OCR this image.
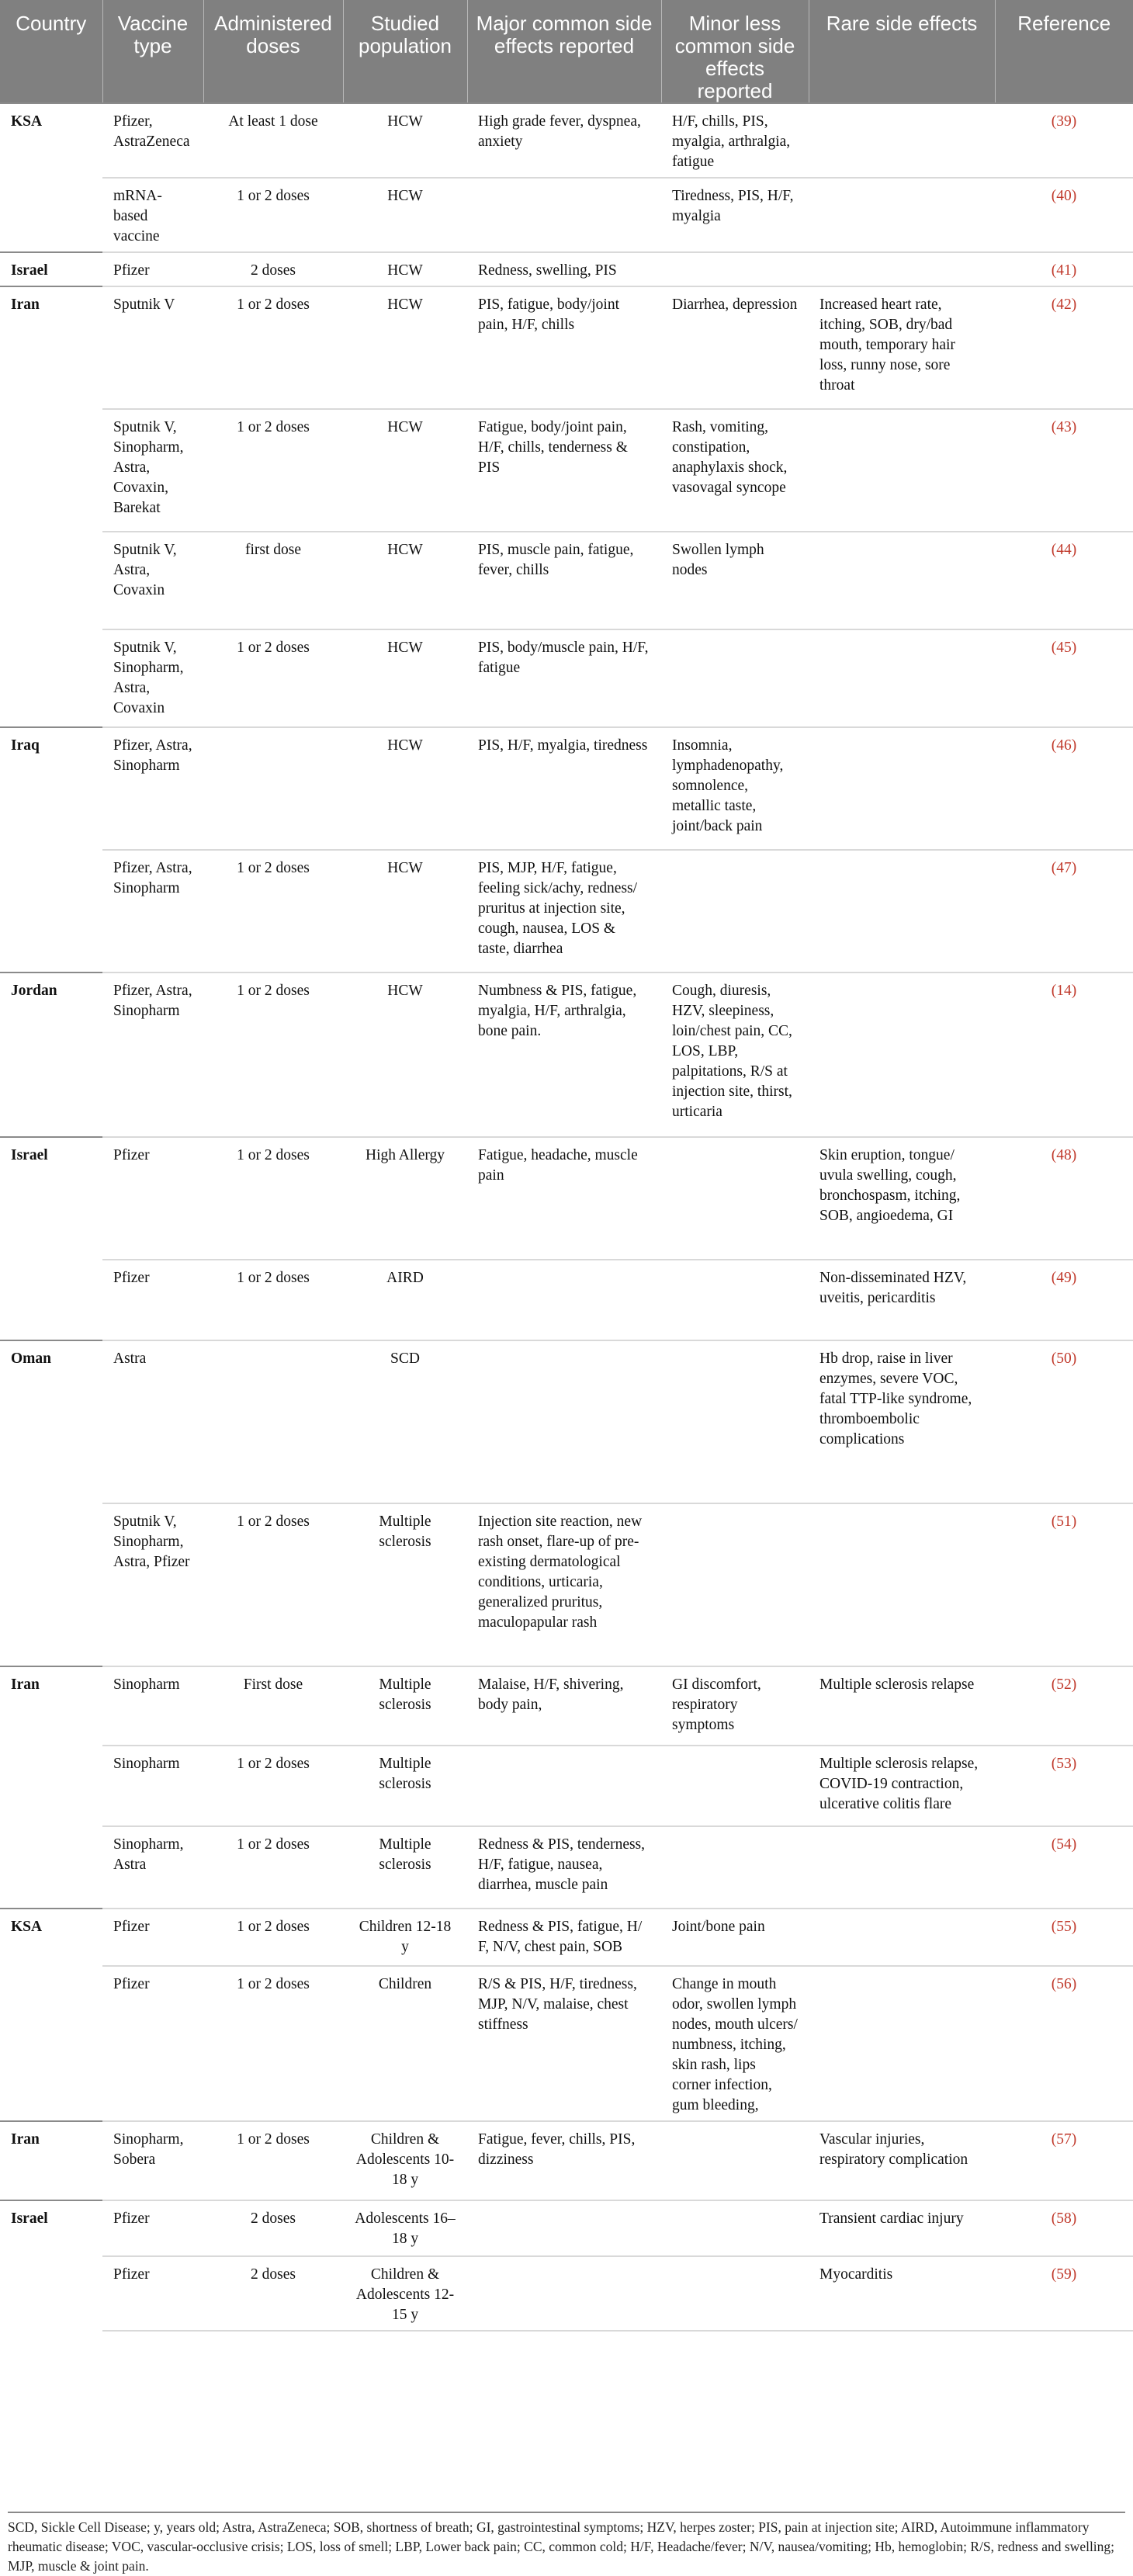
Country	Vaccine type	Administered doses	Studied population	Major common side effects reported	Minor less common side effects reported	Rare side effects	Reference
KSA	Pfizer, AstraZeneca	At least 1 dose	HCW	High grade fever, dyspnea, anxiety	H/F, chills, PIS, myalgia, arthralgia, fatigue		(39)
	mRNA-based vaccine	1 or 2 doses	HCW		Tiredness, PIS, H/F, myalgia		(40)
Israel	Pfizer	2 doses	HCW	Redness, swelling, PIS			(41)
Iran	Sputnik V	1 or 2 doses	HCW	PIS, fatigue, body/joint pain, H/F, chills	Diarrhea, depression	Increased heart rate, itching, SOB, dry/bad mouth, temporary hair loss, runny nose, sore throat	(42)
	Sputnik V, Sinopharm, Astra, Covaxin, Barekat	1 or 2 doses	HCW	Fatigue, body/joint pain, H/F, chills, tenderness & PIS	Rash, vomiting, constipation, anaphylaxis shock, vasovagal syncope		(43)
	Sputnik V, Astra, Covaxin	first dose	HCW	PIS, muscle pain, fatigue, fever, chills	Swollen lymph nodes		(44)
	Sputnik V, Sinopharm, Astra, Covaxin	1 or 2 doses	HCW	PIS, body/muscle pain, H/F, fatigue			(45)
Iraq	Pfizer, Astra, Sinopharm		HCW	PIS, H/F, myalgia, tiredness	Insomnia, lymphadenopathy, somnolence, metallic taste, joint/back pain		(46)
	Pfizer, Astra, Sinopharm	1 or 2 doses	HCW	PIS, MJP, H/F, fatigue, feeling sick/achy, redness/ pruritus at injection site, cough, nausea, LOS & taste, diarrhea			(47)
Jordan	Pfizer, Astra, Sinopharm	1 or 2 doses	HCW	Numbness & PIS, fatigue, myalgia, H/F, arthralgia, bone pain.	Cough, diuresis, HZV, sleepiness, loin/chest pain, CC, LOS, LBP, palpitations, R/S at injection site, thirst, urticaria		(14)
Israel	Pfizer	1 or 2 doses	High Allergy	Fatigue, headache, muscle pain		Skin eruption, tongue/ uvula swelling, cough, bronchospasm, itching, SOB, angioedema, GI	(48)
	Pfizer	1 or 2 doses	AIRD			Non-disseminated HZV, uveitis, pericarditis	(49)
Oman	Astra		SCD			Hb drop, raise in liver enzymes, severe VOC, fatal TTP-like syndrome, thromboembolic complications	(50)
	Sputnik V, Sinopharm, Astra, Pfizer	1 or 2 doses	Multiple sclerosis	Injection site reaction, new rash onset, flare-up of pre-existing dermatological conditions, urticaria, generalized pruritus, maculopapular rash			(51)
Iran	Sinopharm	First dose	Multiple sclerosis	Malaise, H/F, shivering, body pain,	GI discomfort, respiratory symptoms	Multiple sclerosis relapse	(52)
	Sinopharm	1 or 2 doses	Multiple sclerosis			Multiple sclerosis relapse, COVID-19 contraction, ulcerative colitis flare	(53)
	Sinopharm, Astra	1 or 2 doses	Multiple sclerosis	Redness & PIS, tenderness, H/F, fatigue, nausea, diarrhea, muscle pain			(54)
KSA	Pfizer	1 or 2 doses	Children 12-18 y	Redness & PIS, fatigue, H/ F, N/V, chest pain, SOB	Joint/bone pain		(55)
	Pfizer	1 or 2 doses	Children	R/S & PIS, H/F, tiredness, MJP, N/V, malaise, chest stiffness	Change in mouth odor, swollen lymph nodes, mouth ulcers/ numbness, itching, skin rash, lips corner infection, gum bleeding,		(56)
Iran	Sinopharm, Sobera	1 or 2 doses	Children & Adolescents 10-18 y	Fatigue, fever, chills, PIS, dizziness		Vascular injuries, respiratory complication	(57)
Israel	Pfizer	2 doses	Adolescents 16–18 y			Transient cardiac injury	(58)
	Pfizer	2 doses	Children & Adolescents 12-15 y			Myocarditis	(59)
SCD, Sickle Cell Disease; y, years old; Astra, AstraZeneca; SOB, shortness of breath; GI, gastrointestinal symptoms; HZV, herpes zoster; PIS, pain at injection site; AIRD, Autoimmune inflammatory rheumatic disease; VOC, vascular-occlusive crisis; LOS, loss of smell; LBP, Lower back pain; CC, common cold; H/F, Headache/fever; N/V, nausea/vomiting; Hb, hemoglobin; R/S, redness and swelling; MJP, muscle & joint pain.
